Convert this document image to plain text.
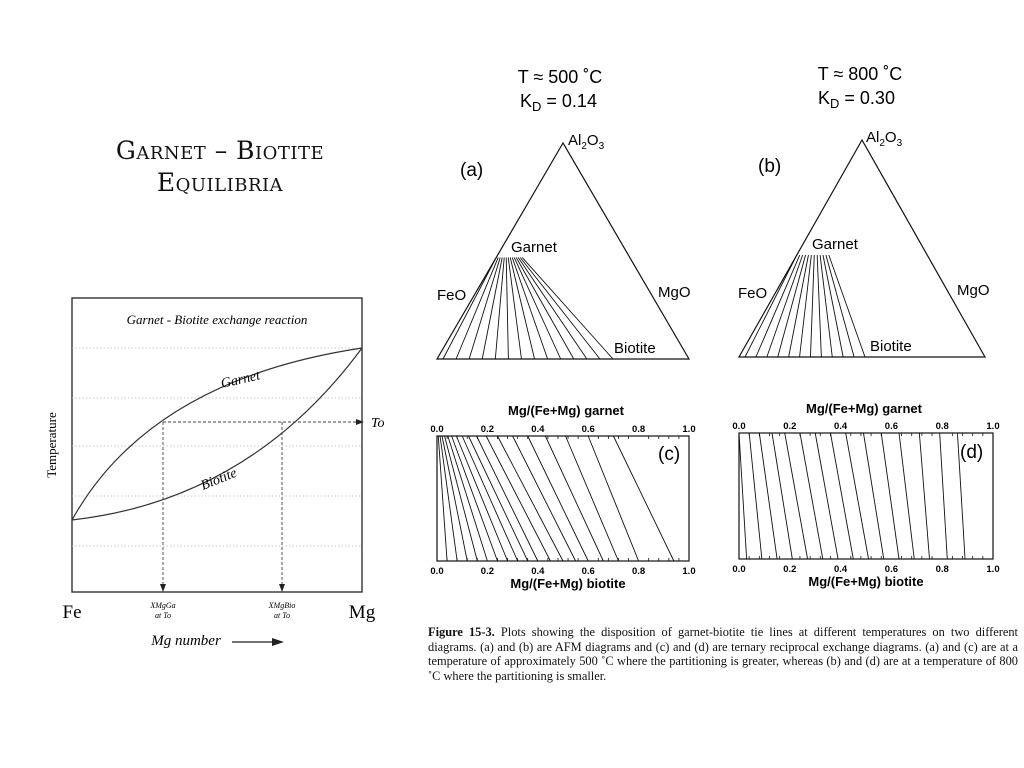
Garnet – Biotite
Equilibria
Garnet - Biotite exchange reaction
Garnet
Biotite
To
XMgGa
at To
XMgBio
at To
Temperature
Fe	Mg
Mg number
T ≈ 500 ˚C
$K_D = 0.14$
(a)
$Al_2O_3$
FeO	MgO
Garnet
Biotite
T ≈ 800 ˚C
$K_D = 0.30$
(b)
$Al_2O_3$
FeO	MgO
Garnet
Biotite
Mg/(Fe+Mg) garnet
(c)
0.0
0.0
0.2
0.2
0.4
0.4
0.6
0.6
0.8
0.8
1.0
1.0
Mg/(Fe+Mg) biotite
Mg/(Fe+Mg) garnet
(d)
0.0
0.0
0.2
0.2
0.4
0.4
0.6
0.6
0.8
0.8
1.0
1.0
Mg/(Fe+Mg) biotite
Figure 15-3. Plots showing the disposition of garnet-biotite tie lines at different temperatures on two different diagrams. (a) and (b) are AFM diagrams and (c) and (d) are ternary reciprocal exchange diagrams. (a) and (c) are at a temperature of approximately 500 ˚C where the partitioning is greater, whereas (b) and (d) are at a temperature of 800 ˚C where the partitioning is smaller.
